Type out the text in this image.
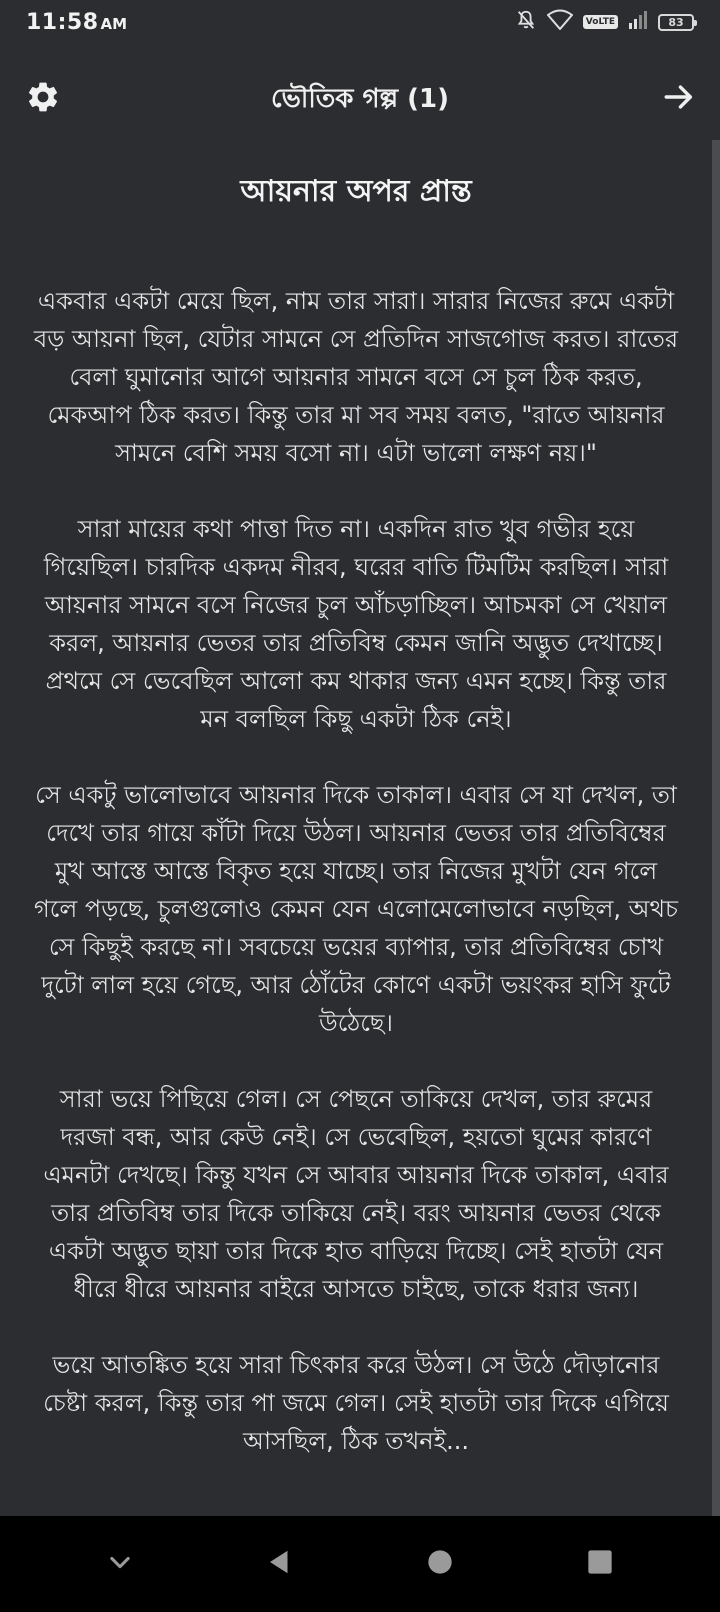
11:58 AM	VoLTE	83
ভৌতিক গল্প (1)
আয়নার অপর প্রান্ত

একবার একটা মেয়ে ছিল, নাম তার সারা। সারার নিজের রুমে একটা বড় আয়না ছিল, যেটার সামনে সে প্রতিদিন সাজগোজ করত। রাতের বেলা ঘুমানোর আগে আয়নার সামনে বসে সে চুল ঠিক করত, মেকআপ ঠিক করত। কিন্তু তার মা সব সময় বলত, "রাতে আয়নার সামনে বেশি সময় বসো না। এটা ভালো লক্ষণ নয়।"

সারা মায়ের কথা পাত্তা দিত না। একদিন রাত খুব গভীর হয়ে গিয়েছিল। চারদিক একদম নীরব, ঘরের বাতি টিমটিম করছিল। সারা আয়নার সামনে বসে নিজের চুল আঁচড়াচ্ছিল। আচমকা সে খেয়াল করল, আয়নার ভেতর তার প্রতিবিম্ব কেমন জানি অদ্ভুত দেখাচ্ছে। প্রথমে সে ভেবেছিল আলো কম থাকার জন্য এমন হচ্ছে। কিন্তু তার মন বলছিল কিছু একটা ঠিক নেই।

সে একটু ভালোভাবে আয়নার দিকে তাকাল। এবার সে যা দেখল, তা দেখে তার গায়ে কাঁটা দিয়ে উঠল। আয়নার ভেতর তার প্রতিবিম্বের মুখ আস্তে আস্তে বিকৃত হয়ে যাচ্ছে। তার নিজের মুখটা যেন গলে গলে পড়ছে, চুলগুলোও কেমন যেন এলোমেলোভাবে নড়ছিল, অথচ সে কিছুই করছে না। সবচেয়ে ভয়ের ব্যাপার, তার প্রতিবিম্বের চোখ দুটো লাল হয়ে গেছে, আর ঠোঁটের কোণে একটা ভয়ংকর হাসি ফুটে উঠেছে।

সারা ভয়ে পিছিয়ে গেল। সে পেছনে তাকিয়ে দেখল, তার রুমের দরজা বন্ধ, আর কেউ নেই। সে ভেবেছিল, হয়তো ঘুমের কারণে এমনটা দেখছে। কিন্তু যখন সে আবার আয়নার দিকে তাকাল, এবার তার প্রতিবিম্ব তার দিকে তাকিয়ে নেই। বরং আয়নার ভেতর থেকে একটা অদ্ভুত ছায়া তার দিকে হাত বাড়িয়ে দিচ্ছে। সেই হাতটা যেন ধীরে ধীরে আয়নার বাইরে আসতে চাইছে, তাকে ধরার জন্য।

ভয়ে আতঙ্কিত হয়ে সারা চিৎকার করে উঠল। সে উঠে দৌড়ানোর চেষ্টা করল, কিন্তু তার পা জমে গেল। সেই হাতটা তার দিকে এগিয়ে আসছিল, ঠিক তখনই...
